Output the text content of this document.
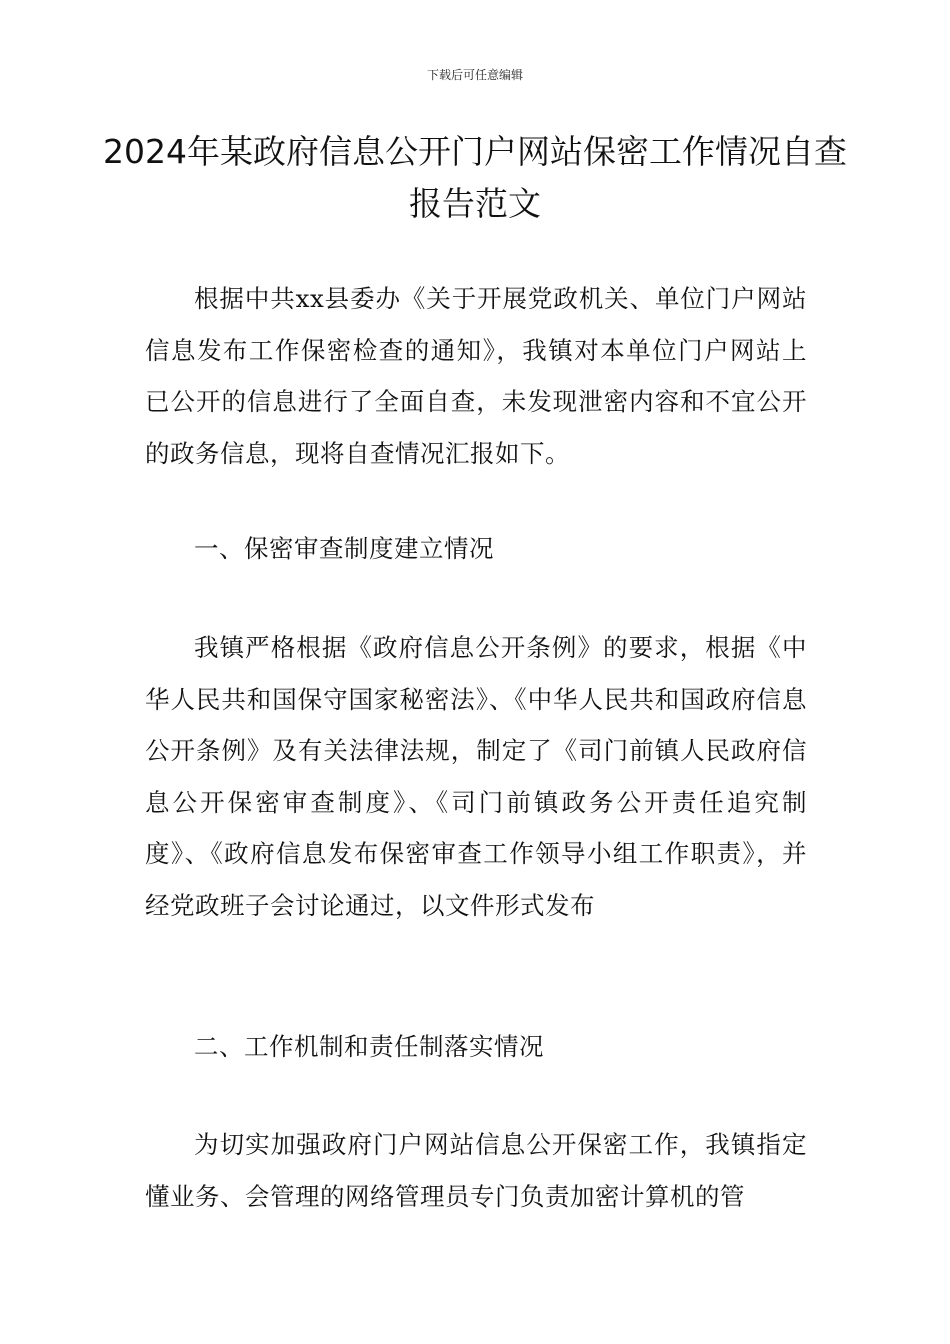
下载后可任意编辑
2024年某政府信息公开门户网站保密工作情况自查报告范文

根据中共xx县委办《关于开展党政机关、单位门户网站信息发布工作保密检查的通知》，我镇对本单位门户网站上已公开的信息进行了全面自查，未发现泄密内容和不宜公开的政务信息，现将自查情况汇报如下。

一、保密审查制度建立情况

我镇严格根据《政府信息公开条例》的要求，根据《中华人民共和国保守国家秘密法》、《中华人民共和国政府信息公开条例》及有关法律法规，制定了《司门前镇人民政府信息公开保密审查制度》、《司门前镇政务公开责任追究制度》、《政府信息发布保密审查工作领导小组工作职责》，并经党政班子会讨论通过，以文件形式发布

二、工作机制和责任制落实情况

为切实加强政府门户网站信息公开保密工作，我镇指定懂业务、会管理的网络管理员专门负责加密计算机的管
